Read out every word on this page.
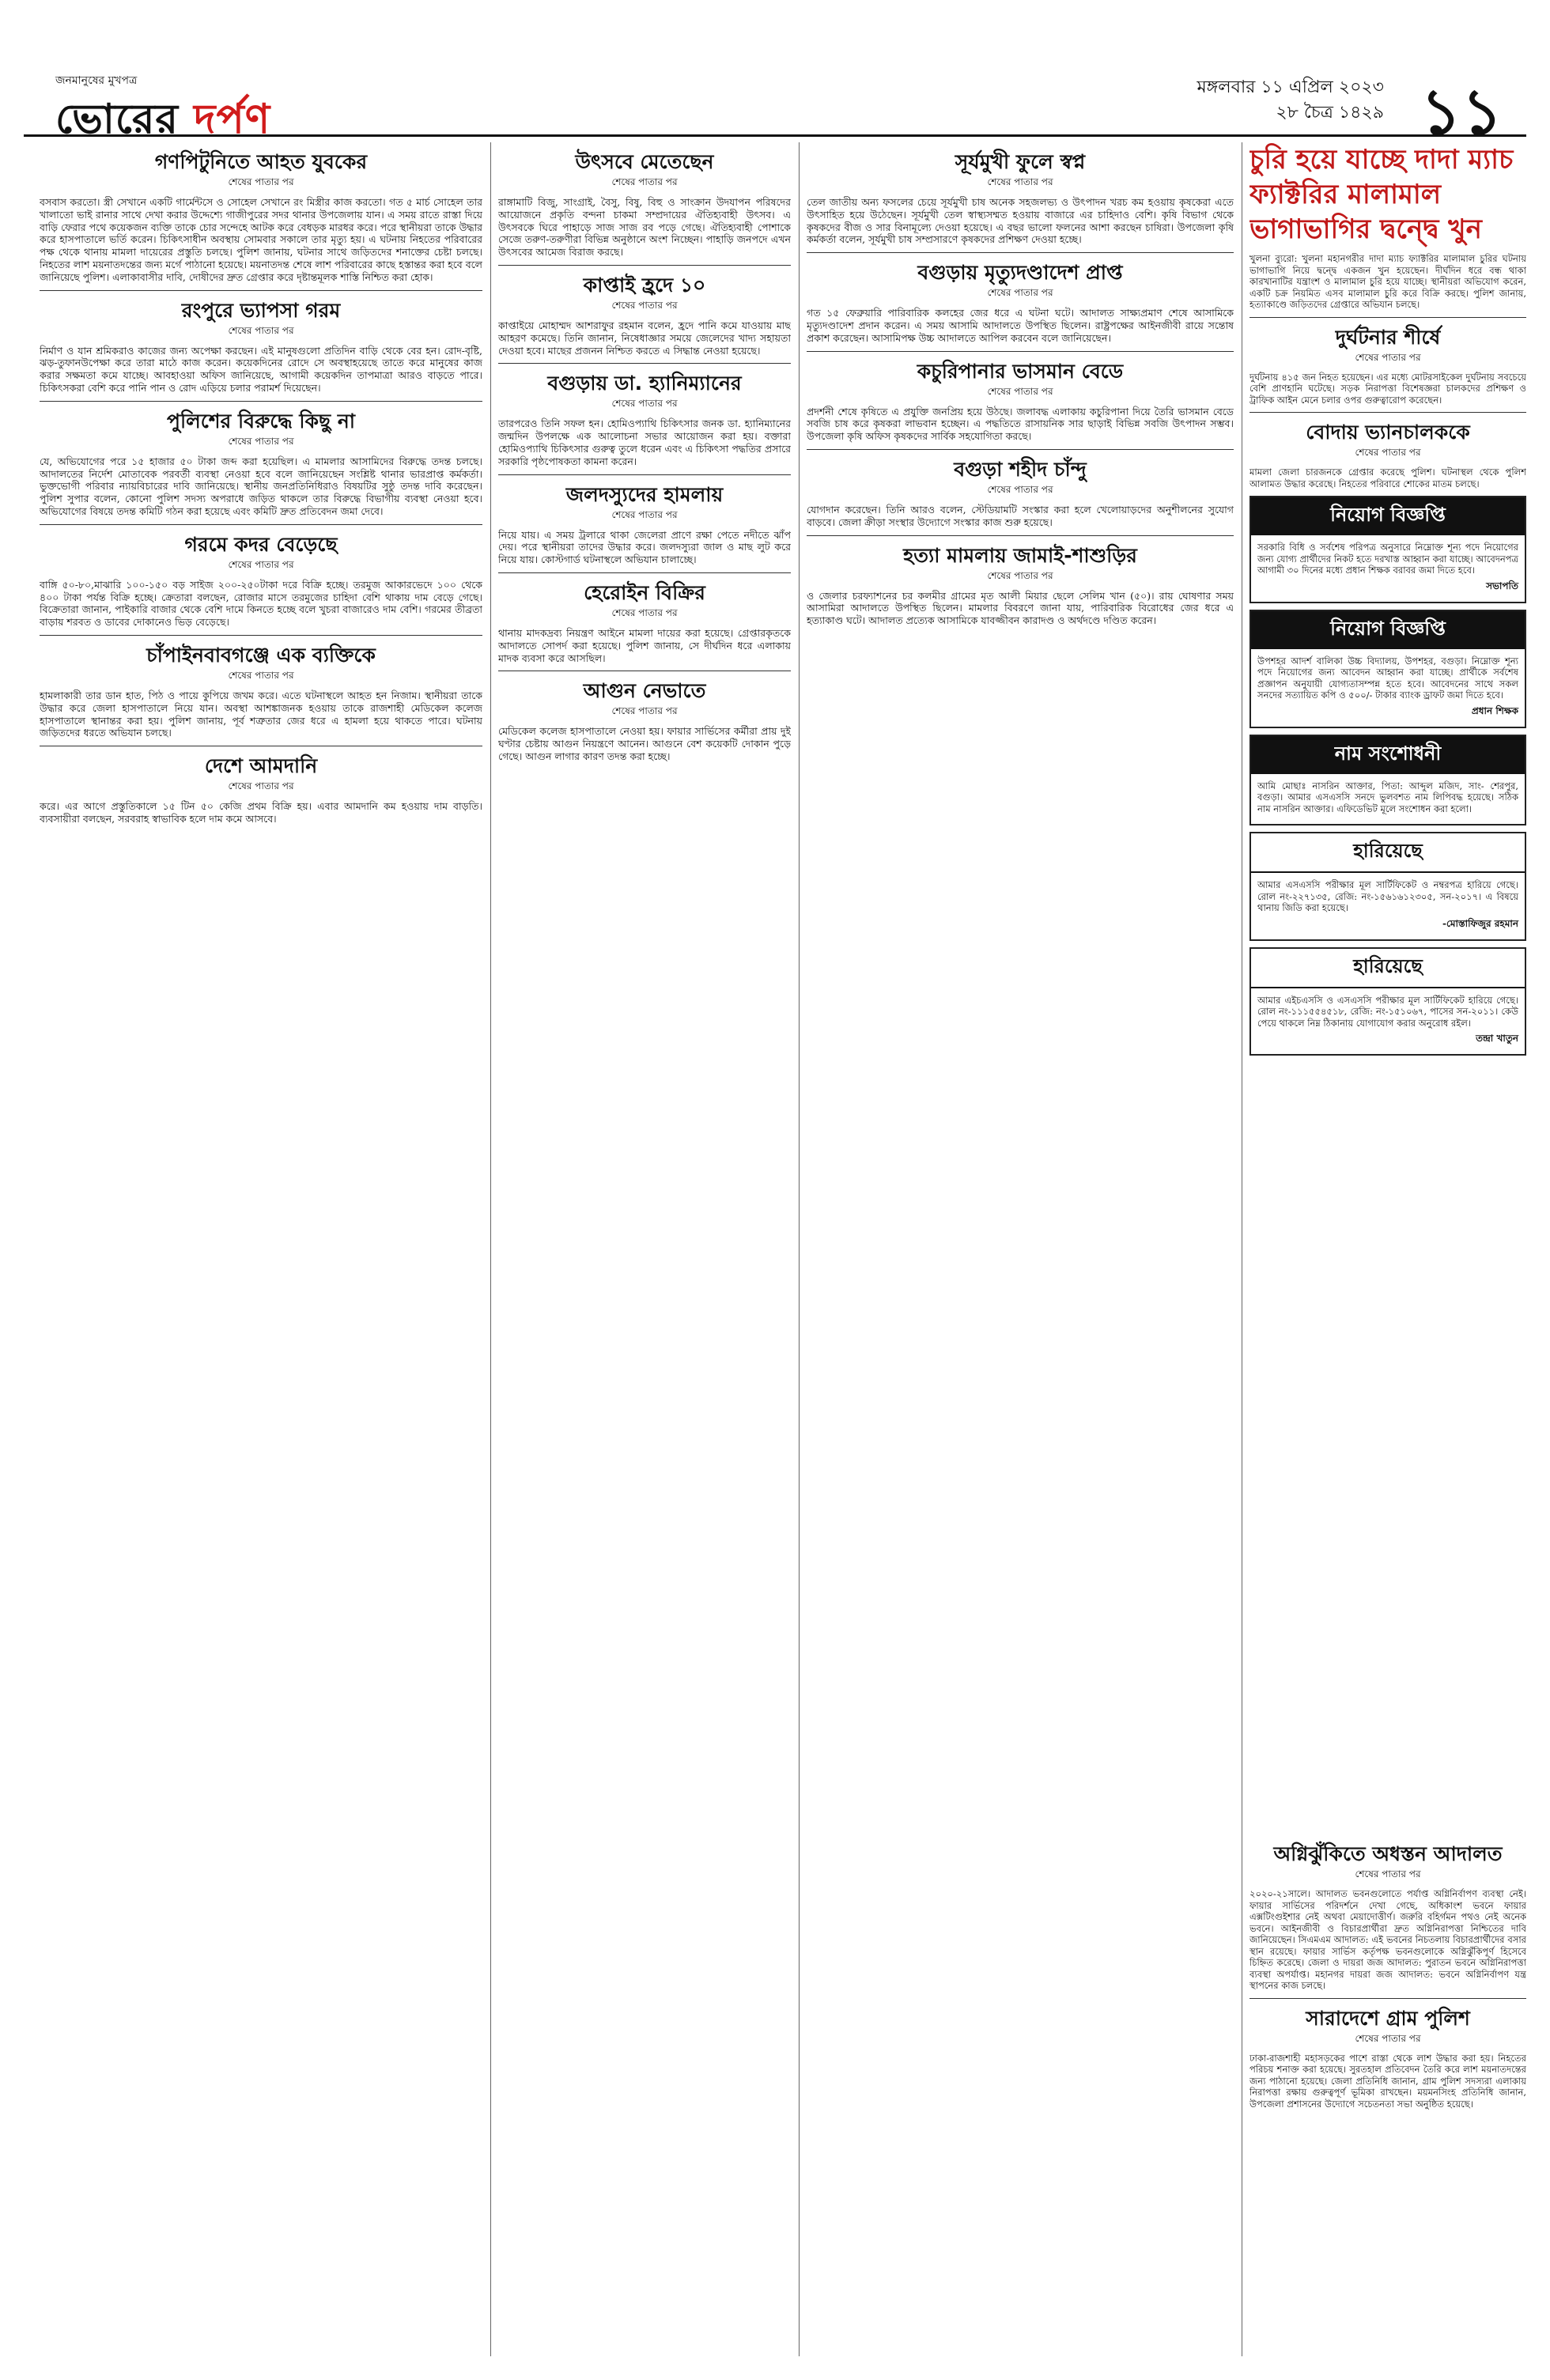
জনমানুষের মুখপত্র
ভোরের দর্পণ
মঙ্গলবার ১১ এপ্রিল ২০২৩
২৮ চৈত্র ১৪২৯ ১১
গণপিটুনিতে আহত যুবকের
শেষের পাতার পর

বসবাস করতো। স্ত্রী সেখানে একটি গার্মেন্টসে ও সোহেল সেখানে রং মিস্ত্রীর কাজ করতো। গত ৫ মার্চ সোহেল তার খালাতো ভাই রানার সাথে দেখা করার উদ্দেশ্যে গাজীপুরের সদর থানার উপজেলায় যান। এ সময় রাতে রাস্তা দিয়ে বাড়ি ফেরার পথে কয়েকজন ব্যক্তি তাকে চোর সন্দেহে আটক করে বেধড়ক মারধর করে। পরে স্থানীয়রা তাকে উদ্ধার করে হাসপাতালে ভর্তি করেন। চিকিৎসাধীন অবস্থায় সোমবার সকালে তার মৃত্যু হয়। এ ঘটনায় নিহতের পরিবারের পক্ষ থেকে থানায় মামলা দায়েরের প্রস্তুতি চলছে। পুলিশ জানায়, ঘটনার সাথে জড়িতদের শনাক্তের চেষ্টা চলছে। নিহতের লাশ ময়নাতদন্তের জন্য মর্গে পাঠানো হয়েছে। ময়নাতদন্ত শেষে লাশ পরিবারের কাছে হস্তান্তর করা হবে বলে জানিয়েছে পুলিশ। এলাকাবাসীর দাবি, দোষীদের দ্রুত গ্রেপ্তার করে দৃষ্টান্তমূলক শাস্তি নিশ্চিত করা হোক।

রংপুরে ভ্যাপসা গরম
শেষের পাতার পর

নির্মাণ ও যান শ্রমিকরাও কাজের জন্য অপেক্ষা করছেন। এই মানুষগুলো প্রতিদিন বাড়ি থেকে বের হন। রোদ-বৃষ্টি, ঝড়-তুফানউপেক্ষা করে তারা মাঠে কাজ করেন। কয়েকদিনের রোদে সে অবস্থাহয়েছে তাতে করে মানুষের কাজ করার সক্ষমতা কমে যাচ্ছে। আবহাওয়া অফিস জানিয়েছে, আগামী কয়েকদিন তাপমাত্রা আরও বাড়তে পারে। চিকিৎসকরা বেশি করে পানি পান ও রোদ এড়িয়ে চলার পরামর্শ দিয়েছেন।

পুলিশের বিরুদ্ধে কিছু না
শেষের পাতার পর

যে, অভিযোগের পরে ১৫ হাজার ৫০ টাকা জব্দ করা হয়েছিল। এ মামলার আসামিদের বিরুদ্ধে তদন্ত চলছে। আদালতের নির্দেশ মোতাবেক পরবর্তী ব্যবস্থা নেওয়া হবে বলে জানিয়েছেন সংশ্লিষ্ট থানার ভারপ্রাপ্ত কর্মকর্তা। ভুক্তভোগী পরিবার ন্যায়বিচারের দাবি জানিয়েছে। স্থানীয় জনপ্রতিনিধিরাও বিষয়টির সুষ্ঠু তদন্ত দাবি করেছেন। পুলিশ সুপার বলেন, কোনো পুলিশ সদস্য অপরাধে জড়িত থাকলে তার বিরুদ্ধে বিভাগীয় ব্যবস্থা নেওয়া হবে। অভিযোগের বিষয়ে তদন্ত কমিটি গঠন করা হয়েছে এবং কমিটি দ্রুত প্রতিবেদন জমা দেবে।

গরমে কদর বেড়েছে
শেষের পাতার পর

বাঙ্গি ৫০-৮০,মাঝারি ১০০-১৫০ বড় সাইজ ২০০-২৫০টাকা দরে বিক্রি হচ্ছে। তরমুজ আকারভেদে ১০০ থেকে ৪০০ টাকা পর্যন্ত বিক্রি হচ্ছে। ক্রেতারা বলছেন, রোজার মাসে তরমুজের চাহিদা বেশি থাকায় দাম বেড়ে গেছে। বিক্রেতারা জানান, পাইকারি বাজার থেকে বেশি দামে কিনতে হচ্ছে বলে খুচরা বাজারেও দাম বেশি। গরমের তীব্রতা বাড়ায় শরবত ও ডাবের দোকানেও ভিড় বেড়েছে।

চাঁপাইনবাবগঞ্জে এক ব্যক্তিকে
শেষের পাতার পর

হামলাকারী তার ডান হাত, পিঠ ও পায়ে কুপিয়ে জখম করে। এতে ঘটনাস্থলে আহত হন নিজাম। স্থানীয়রা তাকে উদ্ধার করে জেলা হাসপাতালে নিয়ে যান। অবস্থা আশঙ্কাজনক হওয়ায় তাকে রাজশাহী মেডিকেল কলেজ হাসপাতালে স্থানান্তর করা হয়। পুলিশ জানায়, পূর্ব শত্রুতার জের ধরে এ হামলা হয়ে থাকতে পারে। ঘটনায় জড়িতদের ধরতে অভিযান চলছে।

দেশে আমদানি
শেষের পাতার পর

করে। এর আগে প্রস্তুতিকালে ১৫ টিন ৫০ কেজি প্রথম বিক্রি হয়। এবার আমদানি কম হওয়ায় দাম বাড়তি। ব্যবসায়ীরা বলছেন, সরবরাহ স্বাভাবিক হলে দাম কমে আসবে।

উৎসবে মেতেছেন
শেষের পাতার পর

রাঙ্গামাটি বিজু, সাংগ্রাই, বৈসু, বিষু, বিহু ও সাংক্রান উদযাপন পরিষদের আয়োজনে প্রকৃতি বন্দনা চাকমা সম্প্রদায়ের ঐতিহ্যবাহী উৎসব। এ উৎসবকে ঘিরে পাহাড়ে সাজ সাজ রব পড়ে গেছে। ঐতিহ্যবাহী পোশাকে সেজে তরুণ-তরুণীরা বিভিন্ন অনুষ্ঠানে অংশ নিচ্ছেন। পাহাড়ি জনপদে এখন উৎসবের আমেজ বিরাজ করছে।

কাপ্তাই হ্রদে ১০
শেষের পাতার পর

কাপ্তাইয়ে মোহাম্মদ আশরাফুর রহমান বলেন, হ্রদে পানি কমে যাওয়ায় মাছ আহরণ কমেছে। তিনি জানান, নিষেধাজ্ঞার সময়ে জেলেদের খাদ্য সহায়তা দেওয়া হবে। মাছের প্রজনন নিশ্চিত করতে এ সিদ্ধান্ত নেওয়া হয়েছে।

বগুড়ায় ডা. হ্যানিম্যানের
শেষের পাতার পর

তারপরেও তিনি সফল হন। হোমিওপ্যাথি চিকিৎসার জনক ডা. হ্যানিম্যানের জন্মদিন উপলক্ষে এক আলোচনা সভার আয়োজন করা হয়। বক্তারা হোমিওপ্যাথি চিকিৎসার গুরুত্ব তুলে ধরেন এবং এ চিকিৎসা পদ্ধতির প্রসারে সরকারি পৃষ্ঠপোষকতা কামনা করেন।

জলদস্যুদের হামলায়
শেষের পাতার পর

নিয়ে যায়। এ সময় ট্রলারে থাকা জেলেরা প্রাণে রক্ষা পেতে নদীতে ঝাঁপ দেয়। পরে স্থানীয়রা তাদের উদ্ধার করে। জলদস্যুরা জাল ও মাছ লুট করে নিয়ে যায়। কোস্টগার্ড ঘটনাস্থলে অভিযান চালাচ্ছে।

হেরোইন বিক্রির
শেষের পাতার পর

থানায় মাদকদ্রব্য নিয়ন্ত্রণ আইনে মামলা দায়ের করা হয়েছে। গ্রেপ্তারকৃতকে আদালতে সোপর্দ করা হয়েছে। পুলিশ জানায়, সে দীর্ঘদিন ধরে এলাকায় মাদক ব্যবসা করে আসছিল।

আগুন নেভাতে
শেষের পাতার পর

মেডিকেল কলেজ হাসপাতালে নেওয়া হয়। ফায়ার সার্ভিসের কর্মীরা প্রায় দুই ঘণ্টার চেষ্টায় আগুন নিয়ন্ত্রণে আনেন। আগুনে বেশ কয়েকটি দোকান পুড়ে গেছে। আগুন লাগার কারণ তদন্ত করা হচ্ছে।

সূর্যমুখী ফুলে স্বপ্ন
শেষের পাতার পর

তেল জাতীয় অন্য ফসলের চেয়ে সূর্যমুখী চাষ অনেক সহজলভ্য ও উৎপাদন খরচ কম হওয়ায় কৃষকেরা এতে উৎসাহিত হয়ে উঠেছেন। সূর্যমুখী তেল স্বাস্থ্যসম্মত হওয়ায় বাজারে এর চাহিদাও বেশি। কৃষি বিভাগ থেকে কৃষকদের বীজ ও সার বিনামূল্যে দেওয়া হয়েছে। এ বছর ভালো ফলনের আশা করছেন চাষিরা। উপজেলা কৃষি কর্মকর্তা বলেন, সূর্যমুখী চাষ সম্প্রসারণে কৃষকদের প্রশিক্ষণ দেওয়া হচ্ছে।

বগুড়ায় মৃত্যুদণ্ডাদেশ প্রাপ্ত
শেষের পাতার পর

গত ১৫ ফেব্রুয়ারি পারিবারিক কলহের জের ধরে এ ঘটনা ঘটে। আদালত সাক্ষ্যপ্রমাণ শেষে আসামিকে মৃত্যুদণ্ডাদেশ প্রদান করেন। এ সময় আসামি আদালতে উপস্থিত ছিলেন। রাষ্ট্রপক্ষের আইনজীবী রায়ে সন্তোষ প্রকাশ করেছেন। আসামিপক্ষ উচ্চ আদালতে আপিল করবেন বলে জানিয়েছেন।

কচুরিপানার ভাসমান বেডে
শেষের পাতার পর

প্রদর্শনী শেষে কৃষিতে এ প্রযুক্তি জনপ্রিয় হয়ে উঠছে। জলাবদ্ধ এলাকায় কচুরিপানা দিয়ে তৈরি ভাসমান বেডে সবজি চাষ করে কৃষকরা লাভবান হচ্ছেন। এ পদ্ধতিতে রাসায়নিক সার ছাড়াই বিভিন্ন সবজি উৎপাদন সম্ভব। উপজেলা কৃষি অফিস কৃষকদের সার্বিক সহযোগিতা করছে।

বগুড়া শহীদ চাঁন্দু
শেষের পাতার পর

যোগদান করেছেন। তিনি আরও বলেন, স্টেডিয়ামটি সংস্কার করা হলে খেলোয়াড়দের অনুশীলনের সুযোগ বাড়বে। জেলা ক্রীড়া সংস্থার উদ্যোগে সংস্কার কাজ শুরু হয়েছে।

হত্যা মামলায় জামাই-শাশুড়ির
শেষের পাতার পর

ও জেলার চরফ্যাশনের চর কলমীর গ্রামের মৃত আলী মিয়ার ছেলে সেলিম খান (৫০)। রায় ঘোষণার সময় আসামিরা আদালতে উপস্থিত ছিলেন। মামলার বিবরণে জানা যায়, পারিবারিক বিরোধের জের ধরে এ হত্যাকাণ্ড ঘটে। আদালত প্রত্যেক আসামিকে যাবজ্জীবন কারাদণ্ড ও অর্থদণ্ডে দণ্ডিত করেন।

চুরি হয়ে যাচ্ছে দাদা ম্যাচ ফ্যাক্টরির মালামাল ভাগাভাগির দ্বন্দ্বে খুন

খুলনা ব্যুরো: খুলনা মহানগরীর দাদা ম্যাচ ফ্যাক্টরির মালামাল চুরির ঘটনায় ভাগাভাগি নিয়ে দ্বন্দ্বে একজন খুন হয়েছেন। দীর্ঘদিন ধরে বন্ধ থাকা কারখানাটির যন্ত্রাংশ ও মালামাল চুরি হয়ে যাচ্ছে। স্থানীয়রা অভিযোগ করেন, একটি চক্র নিয়মিত এসব মালামাল চুরি করে বিক্রি করছে। পুলিশ জানায়, হত্যাকাণ্ডে জড়িতদের গ্রেপ্তারে অভিযান চলছে।

দুর্ঘটনার শীর্ষে
শেষের পাতার পর

দুর্ঘটনায় ৪১৫ জন নিহত হয়েছেন। এর মধ্যে মোটরসাইকেল দুর্ঘটনায় সবচেয়ে বেশি প্রাণহানি ঘটেছে। সড়ক নিরাপত্তা বিশেষজ্ঞরা চালকদের প্রশিক্ষণ ও ট্রাফিক আইন মেনে চলার ওপর গুরুত্বারোপ করেছেন।

বোদায় ভ্যানচালককে
শেষের পাতার পর

মামলা জেলা চারজনকে গ্রেপ্তার করেছে পুলিশ। ঘটনাস্থল থেকে পুলিশ আলামত উদ্ধার করেছে। নিহতের পরিবারে শোকের মাতম চলছে।

নিয়োগ বিজ্ঞপ্তি

সরকারি বিধি ও সর্বশেষ পরিপত্র অনুসারে নিম্নোক্ত শূন্য পদে নিয়োগের জন্য যোগ্য প্রার্থীদের নিকট হতে দরখাস্ত আহ্বান করা যাচ্ছে। আবেদনপত্র আগামী ৩০ দিনের মধ্যে প্রধান শিক্ষক বরাবর জমা দিতে হবে।

সভাপতি
নিয়োগ বিজ্ঞপ্তি

উপশহর আদর্শ বালিকা উচ্চ বিদ্যালয়, উপশহর, বগুড়া। নিম্নোক্ত শূন্য পদে নিয়োগের জন্য আবেদন আহ্বান করা যাচ্ছে। প্রার্থীকে সর্বশেষ প্রজ্ঞাপন অনুযায়ী যোগ্যতাসম্পন্ন হতে হবে। আবেদনের সাথে সকল সনদের সত্যায়িত কপি ও ৫০০/- টাকার ব্যাংক ড্রাফট জমা দিতে হবে।

প্রধান শিক্ষক
নাম সংশোধনী

আমি মোছাঃ নাসরিন আক্তার, পিতা: আব্দুল মজিদ, সাং- শেরপুর, বগুড়া। আমার এসএসসি সনদে ভুলবশত নাম লিপিবদ্ধ হয়েছে। সঠিক নাম নাসরিন আক্তার। এফিডেভিট মূলে সংশোধন করা হলো।

হারিয়েছে

আমার এসএসসি পরীক্ষার মূল সার্টিফিকেট ও নম্বরপত্র হারিয়ে গেছে। রোল নং-২২৭১৩৫, রেজি: নং-১৫৬১৬১২৩০৫, সন-২০১৭। এ বিষয়ে থানায় জিডি করা হয়েছে।

-মোস্তাফিজুর রহমান
হারিয়েছে

আমার এইচএসসি ও এসএসসি পরীক্ষার মূল সার্টিফিকেট হারিয়ে গেছে। রোল নং-১১১৫৫৪৫১৮, রেজি: নং-১৫১০৬৭, পাসের সন-২০১১। কেউ পেয়ে থাকলে নিম্ন ঠিকানায় যোগাযোগ করার অনুরোধ রইল।

তন্দ্রা খাতুন
অগ্নিঝুঁকিতে অধস্তন আদালত
শেষের পাতার পর

২০২০-২১সালে। আদালত ভবনগুলোতে পর্যাপ্ত অগ্নিনির্বাপণ ব্যবস্থা নেই। ফায়ার সার্ভিসের পরিদর্শনে দেখা গেছে, অধিকাংশ ভবনে ফায়ার এক্সটিংগুইশার নেই অথবা মেয়াদোত্তীর্ণ। জরুরি বহির্গমন পথও নেই অনেক ভবনে। আইনজীবী ও বিচারপ্রার্থীরা দ্রুত অগ্নিনিরাপত্তা নিশ্চিতের দাবি জানিয়েছেন। সিএমএম আদালত: এই ভবনের নিচতলায় বিচারপ্রার্থীদের বসার স্থান রয়েছে। ফায়ার সার্ভিস কর্তৃপক্ষ ভবনগুলোকে অগ্নিঝুঁকিপূর্ণ হিসেবে চিহ্নিত করেছে। জেলা ও দায়রা জজ আদালত: পুরাতন ভবনে অগ্নিনিরাপত্তা ব্যবস্থা অপর্যাপ্ত। মহানগর দায়রা জজ আদালত: ভবনে অগ্নিনির্বাপণ যন্ত্র স্থাপনের কাজ চলছে।

সারাদেশে গ্রাম পুলিশ
শেষের পাতার পর

ঢাকা-রাজশাহী মহাসড়কের পাশে রাস্তা থেকে লাশ উদ্ধার করা হয়। নিহতের পরিচয় শনাক্ত করা হয়েছে। সুরতহাল প্রতিবেদন তৈরি করে লাশ ময়নাতদন্তের জন্য পাঠানো হয়েছে। জেলা প্রতিনিধি জানান, গ্রাম পুলিশ সদস্যরা এলাকায় নিরাপত্তা রক্ষায় গুরুত্বপূর্ণ ভূমিকা রাখছেন। ময়মনসিংহ প্রতিনিধি জানান, উপজেলা প্রশাসনের উদ্যোগে সচেতনতা সভা অনুষ্ঠিত হয়েছে।
